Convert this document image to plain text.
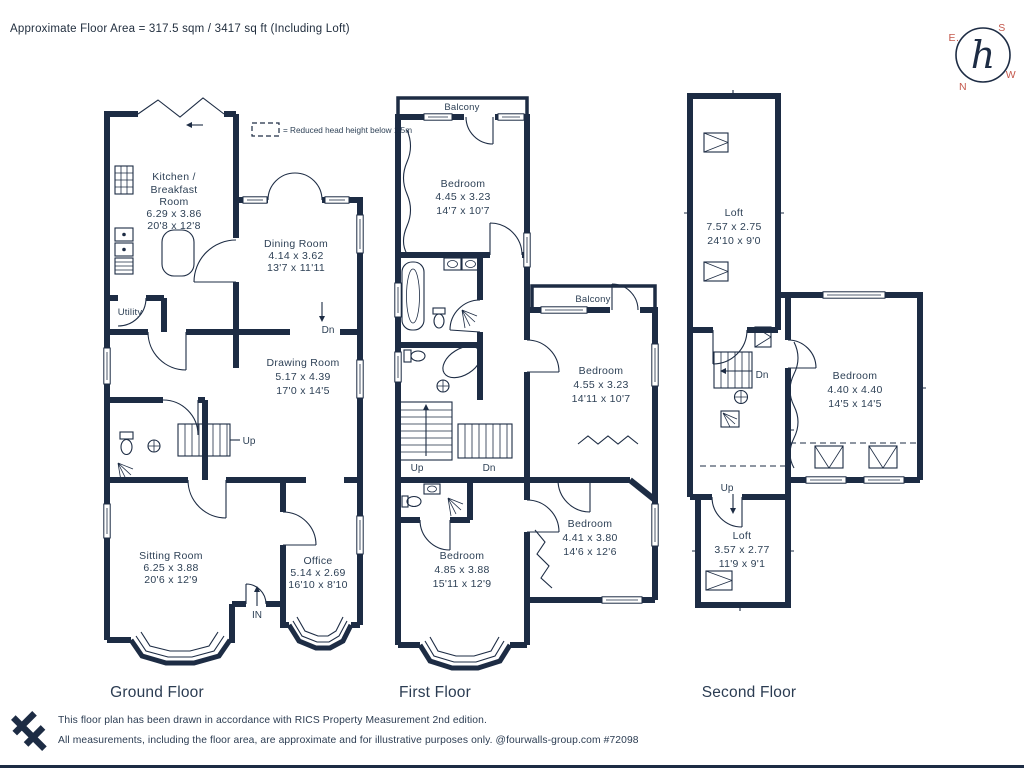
Approximate Floor Area = 317.5 sqm / 3417 sq ft (Including Loft)
h
E.
S
W
N
= Reduced head height below 1.5m
Kitchen /
Breakfast
Room
6.29 x 3.86
20'8 x 12'8
Dining Room
4.14 x 3.62
13'7 x 11'11
Drawing Room
5.17 x 4.39
17'0 x 14'5
Sitting Room
6.25 x 3.88
20'6 x 12'9
Office
5.14 x 2.69
16'10 x 8'10
Utility
Up
Dn
IN
Ground Floor
Balcony
Balcony
Bedroom
4.45 x 3.23
14'7 x 10'7
Bedroom
4.55 x 3.23
14'11 x 10'7
Bedroom
4.41 x 3.80
14'6 x 12'6
Bedroom
4.85 x 3.88
15'11 x 12'9
Up	Dn
First Floor
Loft
7.57 x 2.75
24'10 x 9'0
Bedroom
4.40 x 4.40
14'5 x 14'5
Loft
3.57 x 2.77
11'9 x 9'1
Dn
Up
Second Floor
This floor plan has been drawn in accordance with RICS Property Measurement 2nd edition.
All measurements, including the floor area, are approximate and for illustrative purposes only. @fourwalls-group.com #72098
